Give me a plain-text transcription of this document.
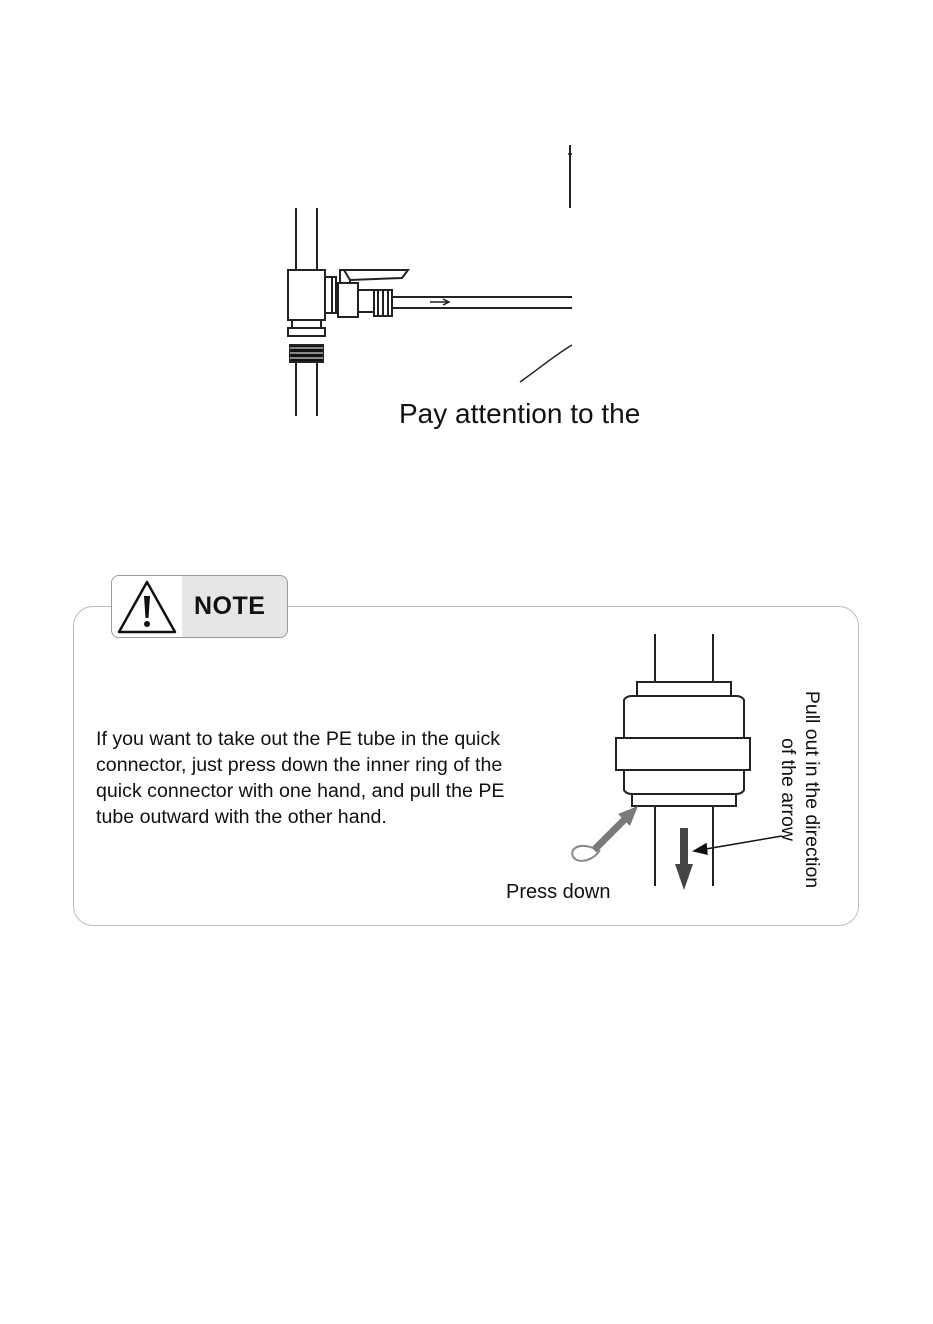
Pay attention to the
NOTE
If you want to take out the PE tube in the quick
connector, just press down the inner ring of the
quick connector with one hand, and pull the PE
tube outward with the other hand.
Press down
Pull out in the direction
of the arrow
